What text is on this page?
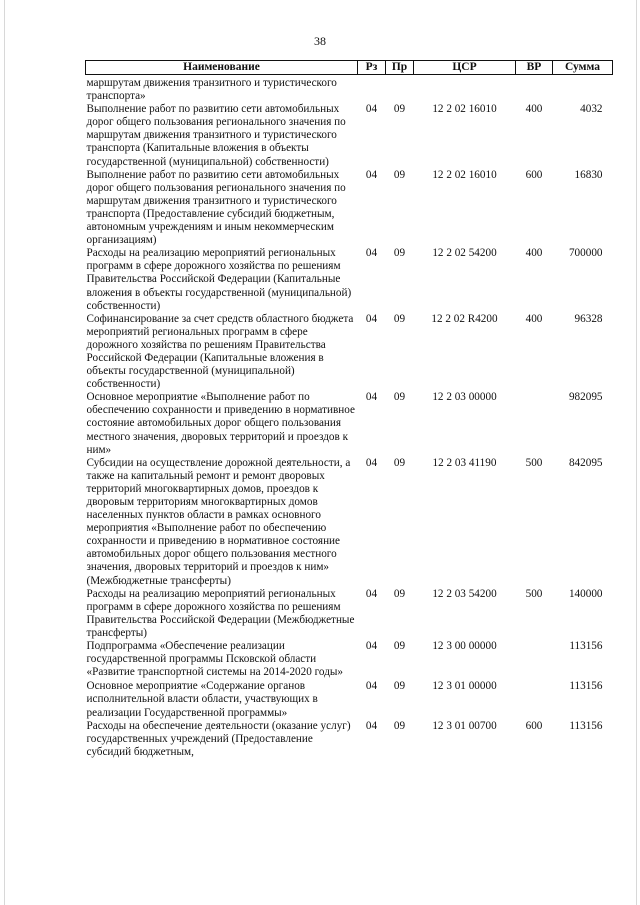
38
Наименование	Рз	Пр	ЦСР	ВР	Сумма
маршрутам движения транзитного и туристического транспорта»					
Выполнение работ по развитию сети автомобильных дорог общего пользования регионального значения по маршрутам движения транзитного и туристического транспорта (Капитальные вложения в объекты государственной (муниципальной) собственности)	04	09	12 2 02 16010	400	4032
Выполнение работ по развитию сети автомобильных дорог общего пользования регионального значения по маршрутам движения транзитного и туристического транспорта (Предоставление субсидий бюджетным, автономным учреждениям и иным некоммерческим организациям)	04	09	12 2 02 16010	600	16830
Расходы на реализацию мероприятий региональных программ в сфере дорожного хозяйства по решениям Правительства Российской Федерации (Капитальные вложения в объекты государственной (муниципальной) собственности)	04	09	12 2 02 54200	400	700000
Софинансирование за счет средств областного бюджета мероприятий региональных программ в сфере дорожного хозяйства по решениям Правительства Российской Федерации (Капитальные вложения в объекты государственной (муниципальной) собственности)	04	09	12 2 02 R4200	400	96328
Основное мероприятие «Выполнение работ по обеспечению сохранности и приведению в нормативное состояние автомобильных дорог общего пользования местного значения, дворовых территорий и проездов к ним»	04	09	12 2 03 00000		982095
Субсидии на осуществление дорожной деятельности, а также на капитальный ремонт и ремонт дворовых территорий многоквартирных домов, проездов к дворовым территориям многоквартирных домов населенных пунктов области в рамках основного мероприятия «Выполнение работ по обеспечению сохранности и приведению в нормативное состояние автомобильных дорог общего пользования местного значения, дворовых территорий и проездов к ним» (Межбюджетные трансферты)	04	09	12 2 03 41190	500	842095
Расходы на реализацию мероприятий региональных программ в сфере дорожного хозяйства по решениям Правительства Российской Федерации (Межбюджетные трансферты)	04	09	12 2 03 54200	500	140000
Подпрограмма «Обеспечение реализации государственной программы Псковской области «Развитие транспортной системы на 2014-2020 годы»	04	09	12 3 00 00000		113156
Основное мероприятие «Содержание органов исполнительной власти области, участвующих в реализации Государственной программы»	04	09	12 3 01 00000		113156
Расходы на обеспечение деятельности (оказание услуг) государственных учреждений (Предоставление субсидий бюджетным,	04	09	12 3 01 00700	600	113156
